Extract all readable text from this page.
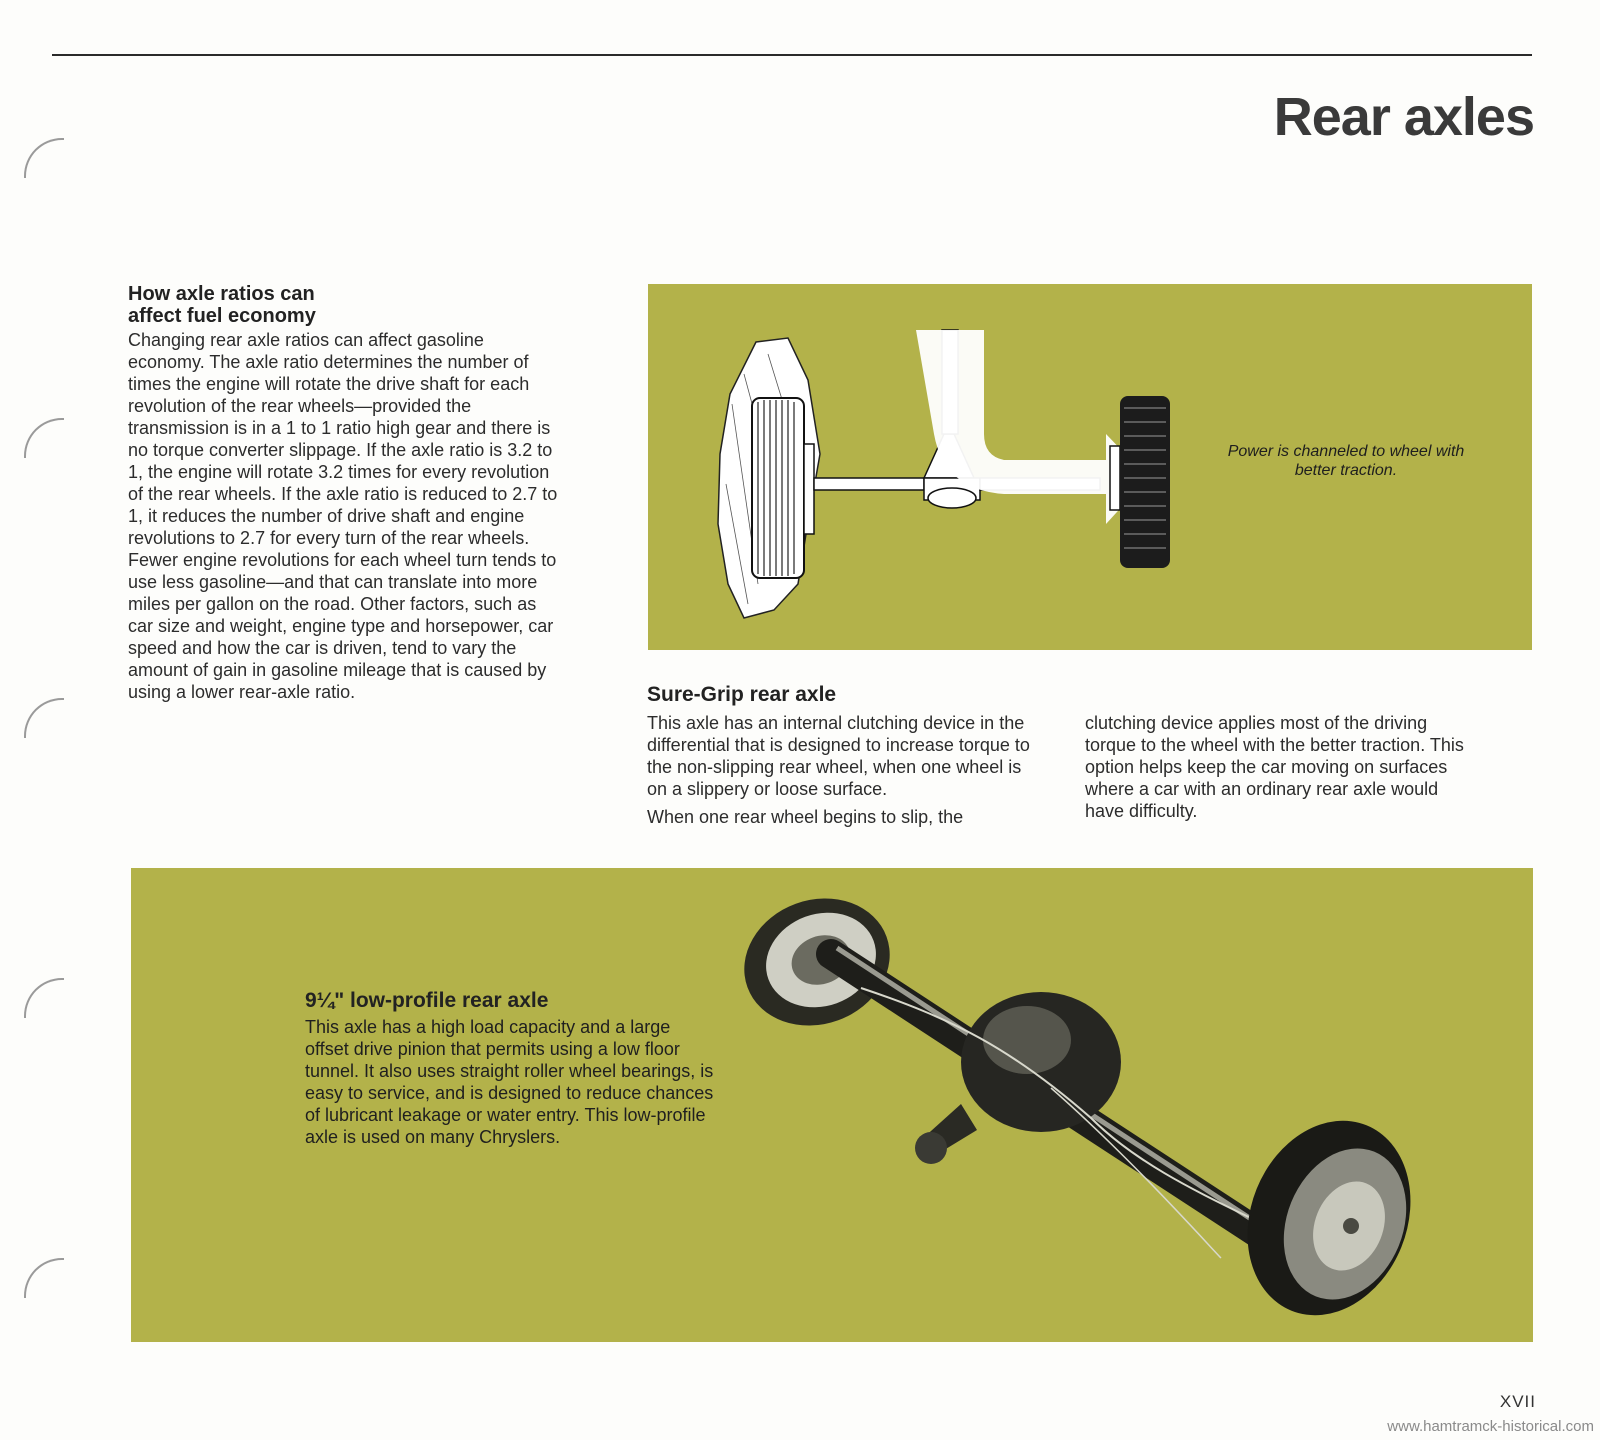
Rear axles
How axle ratios can
affect fuel economy

Changing rear axle ratios can affect gasoline economy. The axle ratio determines the number of times the engine will rotate the drive shaft for each revolution of the rear wheels—provided the transmission is in a 1 to 1 ratio high gear and there is no torque converter slippage. If the axle ratio is 3.2 to 1, the engine will rotate 3.2 times for every revolution of the rear wheels. If the axle ratio is reduced to 2.7 to 1, it reduces the number of drive shaft and engine revolutions to 2.7 for every turn of the rear wheels. Fewer engine revolutions for each wheel turn tends to use less gasoline—and that can translate into more miles per gallon on the road. Other factors, such as car size and weight, engine type and horsepower, car speed and how the car is driven, tend to vary the amount of gain in gasoline mileage that is caused by using a lower rear-axle ratio.

Power is channeled to wheel with better traction.
Sure-Grip rear axle

This axle has an internal clutching device in the differential that is designed to increase torque to the non-slipping rear wheel, when one wheel is on a slippery or loose surface.

When one rear wheel begins to slip, the

clutching device applies most of the driving torque to the wheel with the better traction. This option helps keep the car moving on surfaces where a car with an ordinary rear axle would have difficulty.

9¼" low-profile rear axle

This axle has a high load capacity and a large offset drive pinion that permits using a low floor tunnel. It also uses straight roller wheel bearings, is easy to service, and is designed to reduce chances of lubricant leakage or water entry. This low-profile axle is used on many Chryslers.

XVII
www.hamtramck-historical.com
